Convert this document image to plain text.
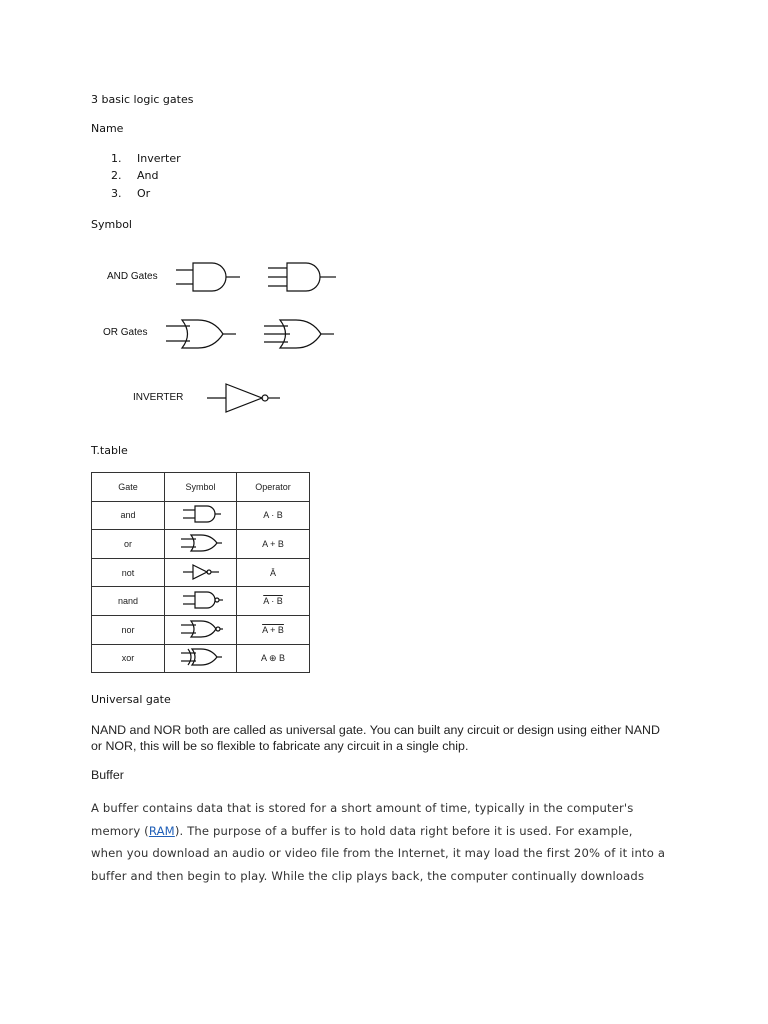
3 basic logic gates
Name
1.	Inverter
2.	And
3.	Or
Symbol
AND Gates
OR Gates
INVERTER
T.table
Gate	Symbol	Operator
and		A · B
or		A + B
not		Ā
nand		A · B
nor		A + B
xor		A ⊕ B
Universal gate
NAND and NOR both are called as universal gate. You can built any circuit or design using either NAND
or NOR, this will be so flexible to fabricate any circuit in a single chip.
Buffer
A buffer contains data that is stored for a short amount of time, typically in the computer's
memory (RAM). The purpose of a buffer is to hold data right before it is used. For example,
when you download an audio or video file from the Internet, it may load the first 20% of it into a
buffer and then begin to play. While the clip plays back, the computer continually downloads
